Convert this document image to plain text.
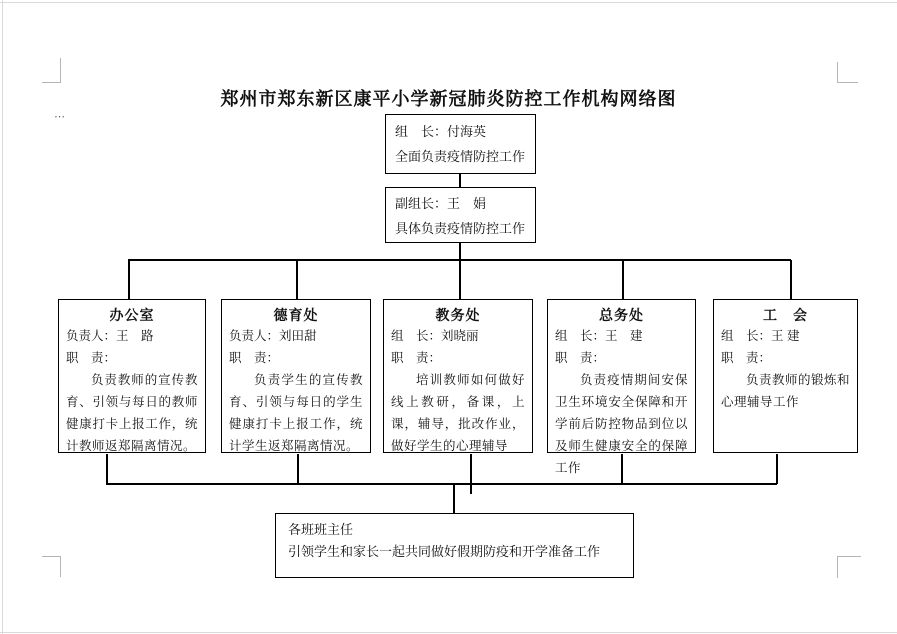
⋯
郑州市郑东新区康平小学新冠肺炎防控工作机构网络图
组　长：付海英
全面负责疫情防控工作
副组长：王　娟
具体负责疫情防控工作
办公室
负责人：王　路
职　责：
负责教师的宣传教育、引领与每日的教师健康打卡上报工作，统计教师返郑隔离情况。
德育处
负责人：刘田甜
职　责：
负责学生的宣传教育、引领与每日的学生健康打卡上报工作，统计学生返郑隔离情况。
教务处
组　长：刘晓丽
职　责：
培训教师如何做好线上教研，备课，上课，辅导，批改作业，做好学生的心理辅导
总务处
组　长：王　建
职　责：
负责疫情期间安保卫生环境安全保障和开学前后防控物品到位以及师生健康安全的保障工作
工　会
组　长：王 建
职　责：
负责教师的锻炼和心理辅导工作
各班班主任
引领学生和家长一起共同做好假期防疫和开学准备工作
